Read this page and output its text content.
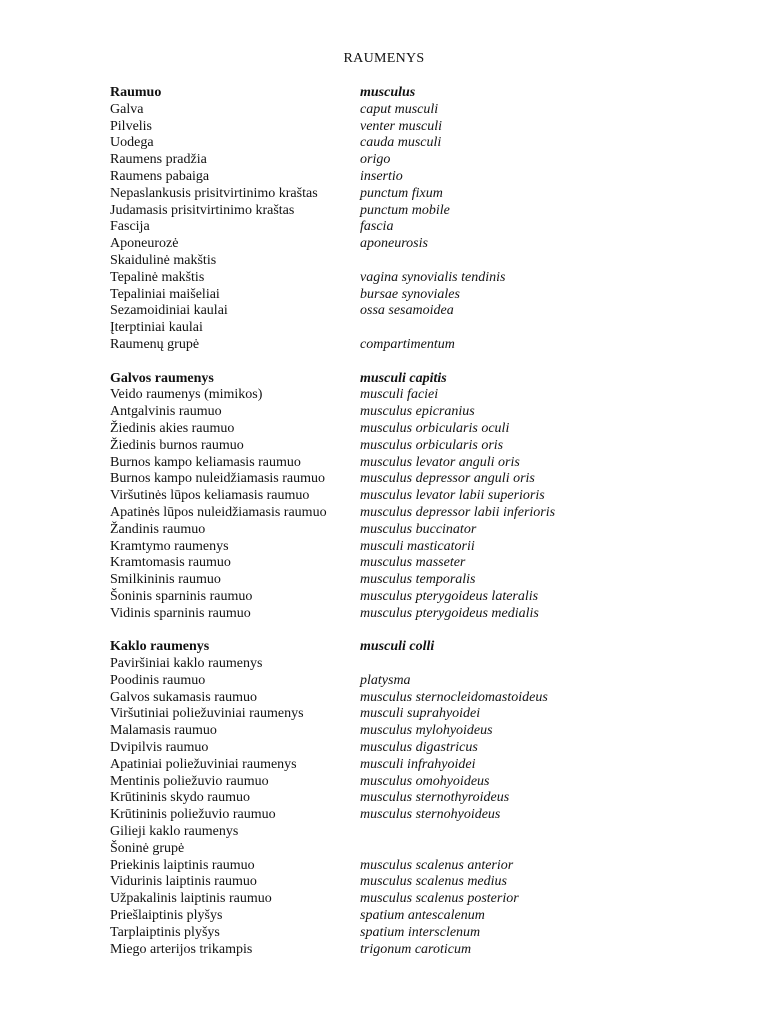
RAUMENYS
Raumuo	musculus
Galva	caput musculi
Pilvelis	venter musculi
Uodega	cauda musculi
Raumens pradžia	origo
Raumens pabaiga	insertio
Nepaslankusis prisitvirtinimo kraštas	punctum fixum
Judamasis prisitvirtinimo kraštas	punctum mobile
Fascija	fascia
Aponeurozė	aponeurosis
Skaidulinė makštis
Tepalinė makštis	vagina synovialis tendinis
Tepaliniai maišeliai	bursae synoviales
Sezamoidiniai kaulai	ossa sesamoidea
Įterptiniai kaulai
Raumenų grupė	compartimentum
Galvos raumenys	musculi capitis
Veido raumenys (mimikos)	musculi faciei
Antgalvinis raumuo	musculus epicranius
Žiedinis akies raumuo	musculus orbicularis oculi
Žiedinis burnos raumuo	musculus orbicularis oris
Burnos kampo keliamasis raumuo	musculus levator anguli oris
Burnos kampo nuleidžiamasis raumuo	musculus depressor anguli oris
Viršutinės lūpos keliamasis raumuo	musculus levator labii superioris
Apatinės lūpos nuleidžiamasis raumuo	musculus depressor labii inferioris
Žandinis raumuo	musculus buccinator
Kramtymo raumenys	musculi masticatorii
Kramtomasis raumuo	musculus masseter
Smilkininis raumuo	musculus temporalis
Šoninis sparninis raumuo	musculus pterygoideus lateralis
Vidinis sparninis raumuo	musculus pterygoideus medialis
Kaklo raumenys	musculi colli
Paviršiniai kaklo raumenys
Poodinis raumuo	platysma
Galvos sukamasis raumuo	musculus sternocleidomastoideus
Viršutiniai poliežuviniai raumenys	musculi suprahyoidei
Malamasis raumuo	musculus mylohyoideus
Dvipilvis raumuo	musculus digastricus
Apatiniai poliežuviniai raumenys	musculi infrahyoidei
Mentinis poliežuvio raumuo	musculus omohyoideus
Krūtininis skydo raumuo	musculus sternothyroideus
Krūtininis poliežuvio raumuo	musculus sternohyoideus
Gilieji kaklo raumenys
Šoninė grupė
Priekinis laiptinis raumuo	musculus scalenus anterior
Vidurinis laiptinis raumuo	musculus scalenus medius
Užpakalinis laiptinis raumuo	musculus scalenus posterior
Priešlaiptinis plyšys	spatium antescalenum
Tarplaiptinis plyšys	spatium intersclenum
Miego arterijos trikampis	trigonum caroticum
